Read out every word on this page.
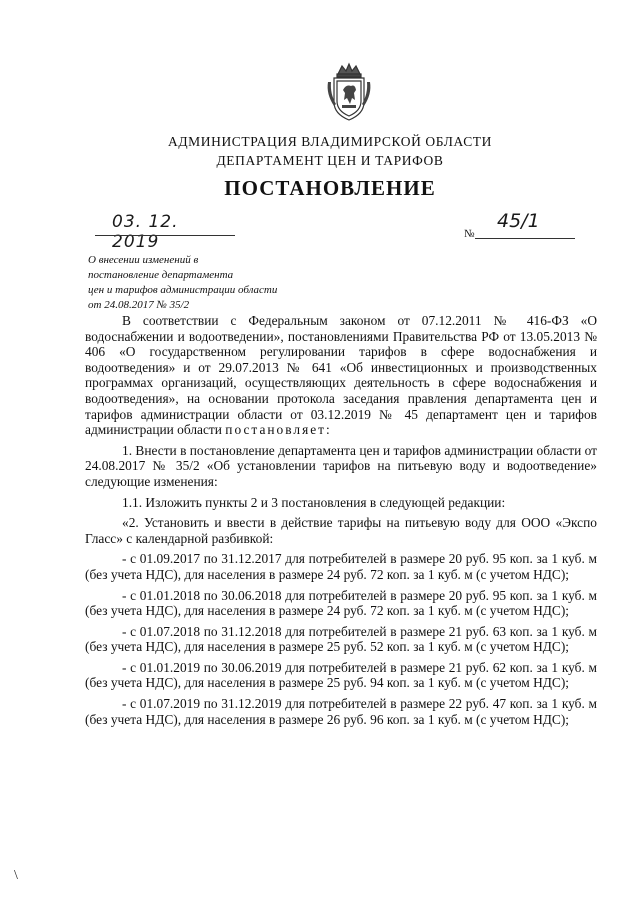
АДМИНИСТРАЦИЯ ВЛАДИМИРСКОЙ ОБЛАСТИ
ДЕПАРТАМЕНТ ЦЕН И ТАРИФОВ
ПОСТАНОВЛЕНИЕ
03. 12. 2019	№
45/1
О внесении изменений в
постановление департамента
цен и тарифов администрации области
от 24.08.2017 № 35/2

В соответствии с Федеральным законом от 07.12.2011 № 416-ФЗ «О водоснабжении и водоотведении», постановлениями Правительства РФ от 13.05.2013 № 406 «О государственном регулировании тарифов в сфере водоснабжения и водоотведения» и от 29.07.2013 № 641 «Об инвестиционных и производственных программах организаций, осуществляющих деятельность в сфере водоснабжения и водоотведения», на основании протокола заседания правления департамента цен и тарифов администрации области от 03.12.2019 № 45 департамент цен и тарифов администрации области постановляет:

1. Внести в постановление департамента цен и тарифов администрации области от 24.08.2017 № 35/2 «Об установлении тарифов на питьевую воду и водоотведение» следующие изменения:

1.1. Изложить пункты 2 и 3 постановления в следующей редакции:

«2. Установить и ввести в действие тарифы на питьевую воду для ООО «Экспо Гласс» с календарной разбивкой:

- с 01.09.2017 по 31.12.2017 для потребителей в размере 20 руб. 95 коп. за 1 куб. м (без учета НДС), для населения в размере 24 руб. 72 коп. за 1 куб. м (с учетом НДС);

- с 01.01.2018 по 30.06.2018 для потребителей в размере 20 руб. 95 коп. за 1 куб. м (без учета НДС), для населения в размере 24 руб. 72 коп. за 1 куб. м (с учетом НДС);

- с 01.07.2018 по 31.12.2018 для потребителей в размере 21 руб. 63 коп. за 1 куб. м (без учета НДС), для населения в размере 25 руб. 52 коп. за 1 куб. м (с учетом НДС);

- с 01.01.2019 по 30.06.2019 для потребителей в размере 21 руб. 62 коп. за 1 куб. м (без учета НДС), для населения в размере 25 руб. 94 коп. за 1 куб. м (с учетом НДС);

- с 01.07.2019 по 31.12.2019 для потребителей в размере 22 руб. 47 коп. за 1 куб. м (без учета НДС), для населения в размере 26 руб. 96 коп. за 1 куб. м (с учетом НДС);

\
